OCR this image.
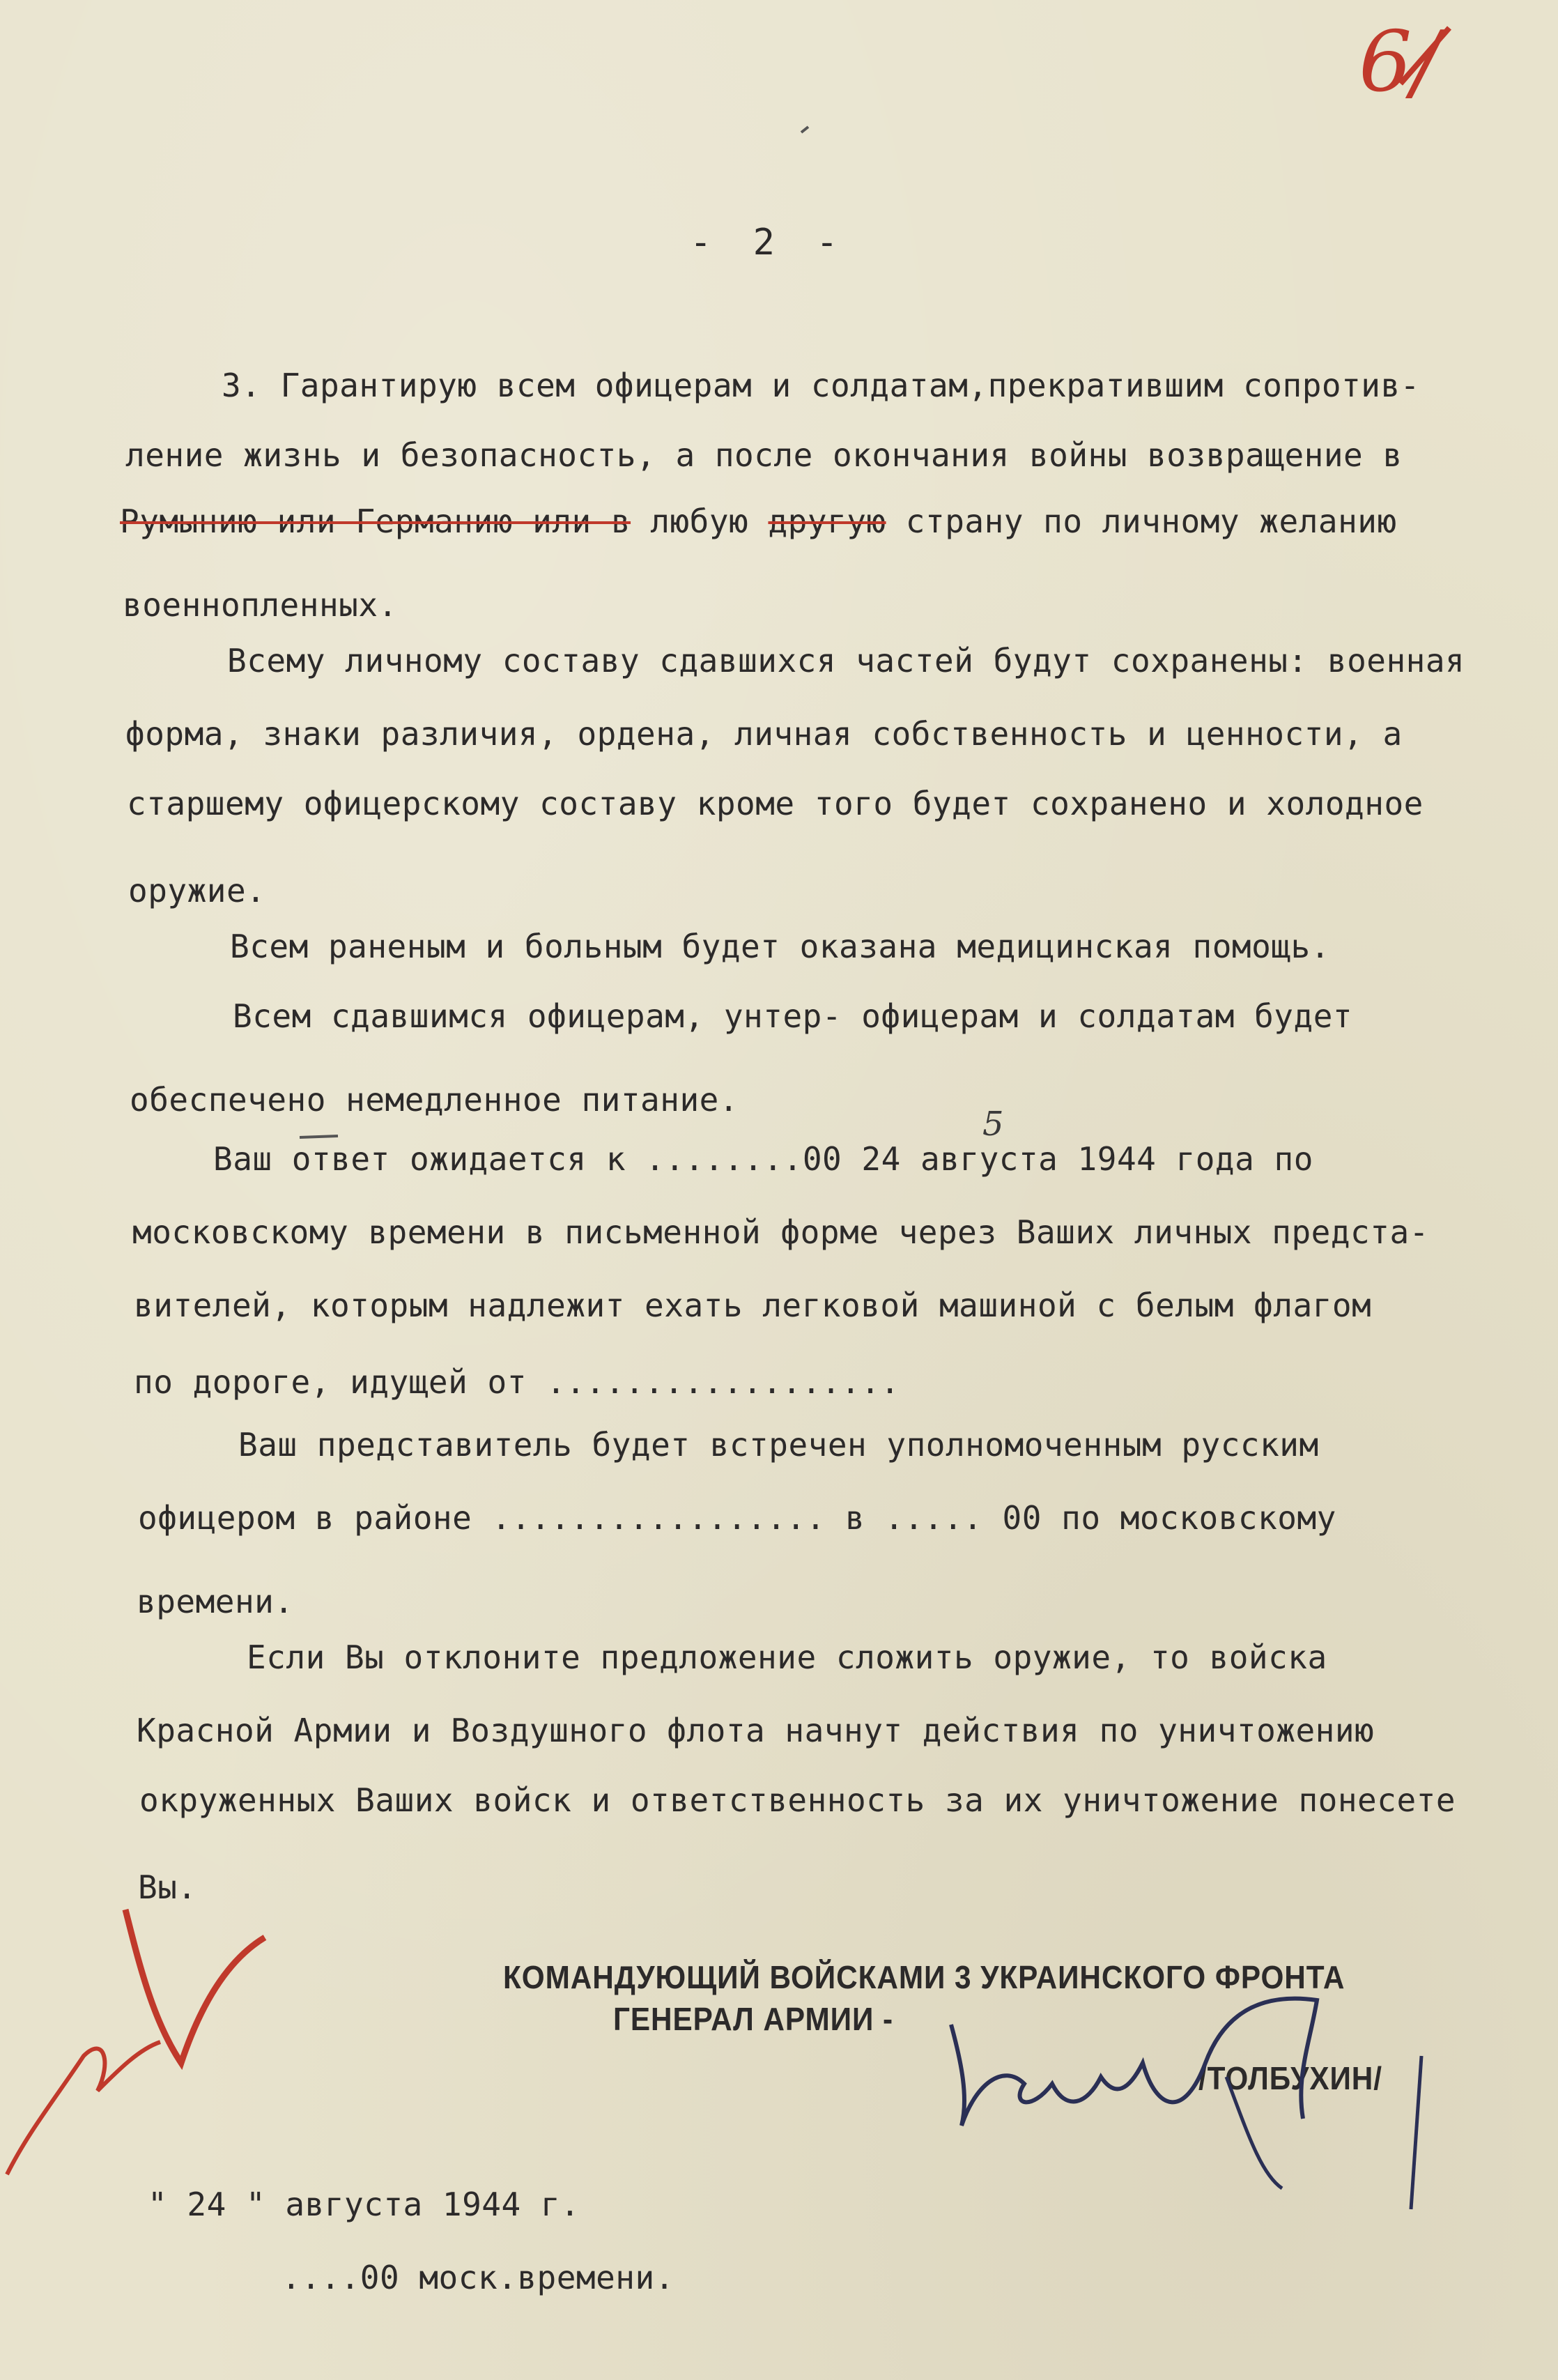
6/
- 2 -
3. Гарантирую всем офицерам и солдатам,прекратившим сопротив-
ление жизнь и безопасность, а после окончания войны возвращение в
Румынию или Германию или в любую другую страну по личному желанию
военнопленных.
Всему личному составу сдавшихся частей будут сохранены: военная
форма, знаки различия, ордена, личная собственность и ценности, а
старшему офицерскому составу кроме того будет сохранено и холодное
оружие.
Всем раненым и больным будет оказана медицинская помощь.
Всем сдавшимся офицерам, унтер- офицерам и солдатам будет
обеспечено немедленное питание.
Ваш ответ ожидается к ........00 24 августа 1944 года по
5
московскому времени в письменной форме через Ваших личных предста-
вителей, которым надлежит ехать легковой машиной с белым флагом
по дороге, идущей от ..................
Ваш представитель будет встречен уполномоченным русским
офицером в районе ................. в ..... 00 по московскому
времени.
Если Вы отклоните предложение сложить оружие, то войска
Красной Армии и Воздушного флота начнут действия по уничтожению
окруженных Ваших войск и ответственность за их уничтожение понесете
Вы.
КОМАНДУЮЩИЙ ВОЙСКАМИ 3 УКРАИНСКОГО ФРОНТА
ГЕНЕРАЛ АРМИИ -
/ТОЛБУХИН/
" 24 " августа 1944 г.
....00 моск.времени.
